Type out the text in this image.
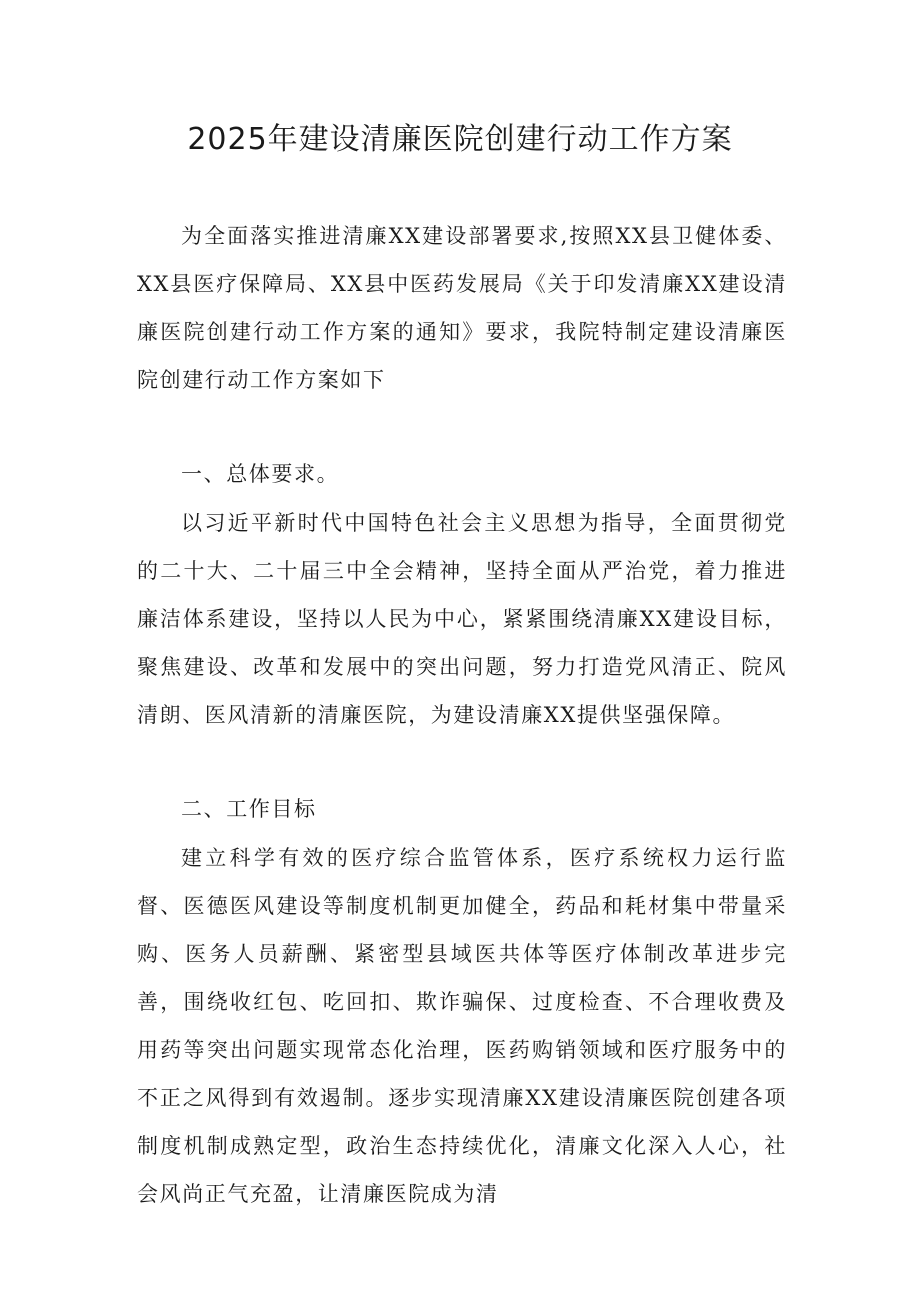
2025年建设清廉医院创建行动工作方案

为全面落实推进清廉XX建设部署要求,按照XX县卫健体委、XX县医疗保障局、XX县中医药发展局《关于印发清廉XX建设清廉医院创建行动工作方案的通知》要求，我院特制定建设清廉医院创建行动工作方案如下

一、总体要求。

以习近平新时代中国特色社会主义思想为指导，全面贯彻党的二十大、二十届三中全会精神，坚持全面从严治党，着力推进廉洁体系建设，坚持以人民为中心，紧紧围绕清廉XX建设目标，聚焦建设、改革和发展中的突出问题，努力打造党风清正、院风清朗、医风清新的清廉医院，为建设清廉XX提供坚强保障。

二、工作目标

建立科学有效的医疗综合监管体系，医疗系统权力运行监督、医德医风建设等制度机制更加健全，药品和耗材集中带量采购、医务人员薪酬、紧密型县域医共体等医疗体制改革进步完善，围绕收红包、吃回扣、欺诈骗保、过度检查、不合理收费及用药等突出问题实现常态化治理，医药购销领域和医疗服务中的不正之风得到有效遏制。逐步实现清廉XX建设清廉医院创建各项制度机制成熟定型，政治生态持续优化，清廉文化深入人心，社会风尚正气充盈，让清廉医院成为清
